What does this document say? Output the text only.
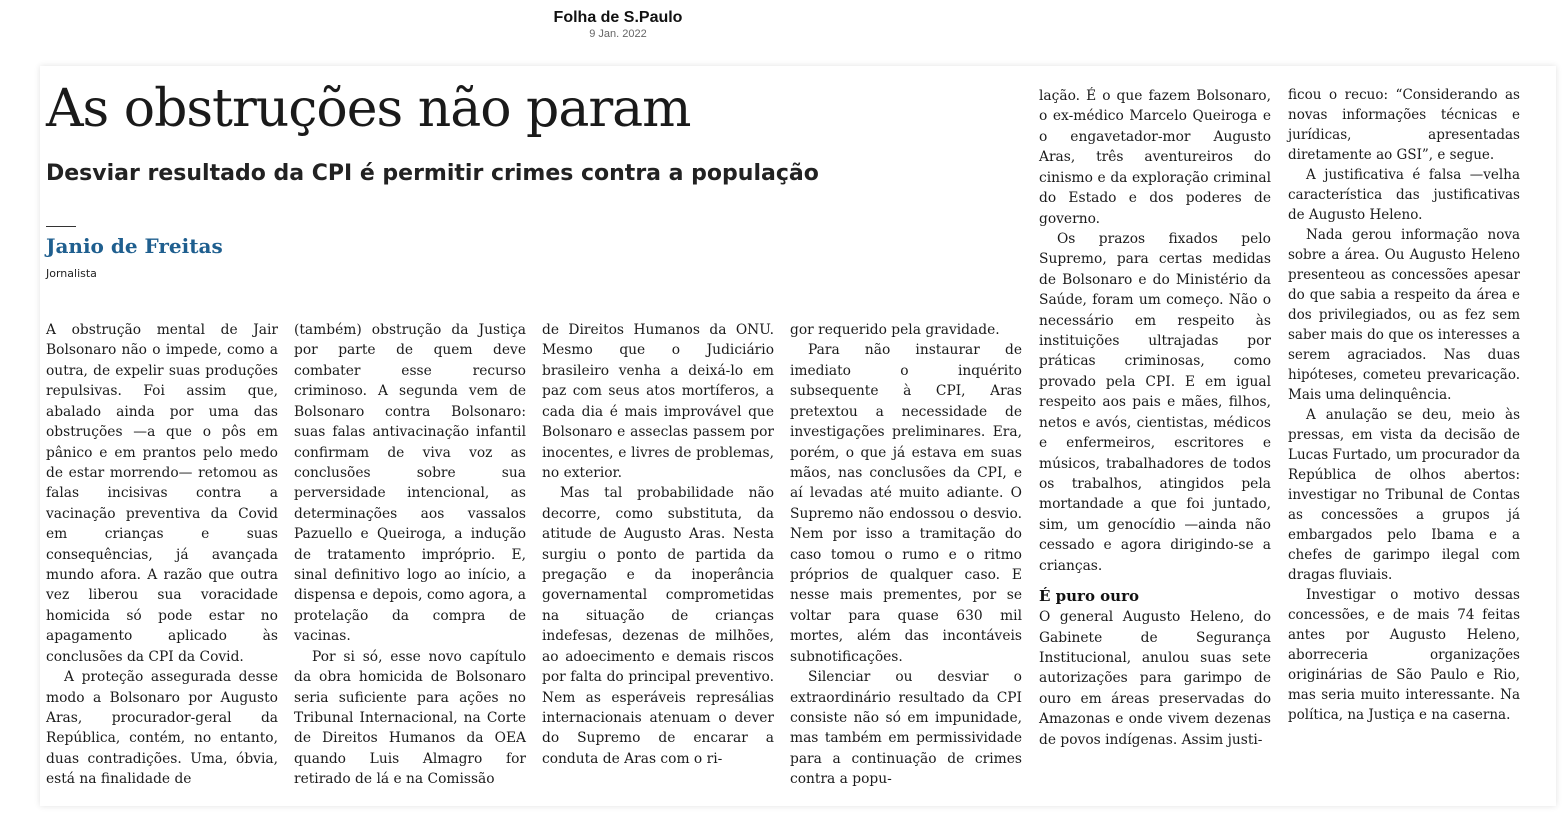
Folha de S.Paulo
9 Jan. 2022
As obstruções não param
Desviar resultado da CPI é permitir crimes contra a população
Janio de Freitas
Jornalista

A obstrução mental de Jair Bolsonaro não o impede, como a outra, de expelir suas produções repulsivas. Foi assim que, abalado ainda por uma das obstruções —a que o pôs em pânico e em prantos pelo medo de estar morrendo— retomou as falas incisivas contra a vacinação preventiva da Covid em crianças e suas consequências, já avançada mundo afora. A razão que outra vez liberou sua voracidade homicida só pode estar no apagamento aplicado às conclusões da CPI da Covid.

A proteção assegurada desse modo a Bolsonaro por Augusto Aras, procurador-geral da República, contém, no entanto, duas contradições. Uma, óbvia, está na finalidade de

(também) obstrução da Justiça por parte de quem deve combater esse recurso criminoso. A segunda vem de Bolsonaro contra Bolsonaro: suas falas antivacinação infantil confirmam de viva voz as conclusões sobre sua perversidade intencional, as determinações aos vassalos Pazuello e Queiroga, a indução de tratamento impróprio. E, sinal definitivo logo ao início, a dispensa e depois, como agora, a protelação da compra de vacinas.

Por si só, esse novo capítulo da obra homicida de Bolsonaro seria suficiente para ações no Tribunal Internacional, na Corte de Direitos Humanos da OEA quando Luis Almagro for retirado de lá e na Comissão

de Direitos Humanos da ONU. Mesmo que o Judiciário brasileiro venha a deixá-lo em paz com seus atos mortíferos, a cada dia é mais improvável que Bolsonaro e asseclas passem por inocentes, e livres de problemas, no exterior.

Mas tal probabilidade não decorre, como substituta, da atitude de Augusto Aras. Nesta surgiu o ponto de partida da pregação e da inoperância governamental comprometidas na situação de crianças indefesas, dezenas de milhões, ao adoecimento e demais riscos por falta do principal preventivo. Nem as esperáveis represálias internacionais atenuam o dever do Supremo de encarar a conduta de Aras com o ri-

gor requerido pela gravidade.

Para não instaurar de imediato o inquérito subsequente à CPI, Aras pretextou a necessidade de investigações preliminares. Era, porém, o que já estava em suas mãos, nas conclusões da CPI, e aí levadas até muito adiante. O Supremo não endossou o desvio. Nem por isso a tramitação do caso tomou o rumo e o ritmo próprios de qualquer caso. E nesse mais prementes, por se voltar para quase 630 mil mortes, além das incontáveis subnotificações.

Silenciar ou desviar o extraordinário resultado da CPI consiste não só em impunidade, mas também em permissividade para a continuação de crimes contra a popu-

lação. É o que fazem Bolsonaro, o ex-médico Marcelo Queiroga e o engavetador-mor Augusto Aras, três aventureiros do cinismo e da exploração criminal do Estado e dos poderes de governo.

Os prazos fixados pelo Supremo, para certas medidas de Bolsonaro e do Ministério da Saúde, foram um começo. Não o necessário em respeito às instituições ultrajadas por práticas criminosas, como provado pela CPI. E em igual respeito aos pais e mães, filhos, netos e avós, cientistas, médicos e enfermeiros, escritores e músicos, trabalhadores de todos os trabalhos, atingidos pela mortandade a que foi juntado, sim, um genocídio —ainda não cessado e agora dirigindo-se a crianças.

É puro ouro

O general Augusto Heleno, do Gabinete de Segurança Institucional, anulou suas sete autorizações para garimpo de ouro em áreas preservadas do Amazonas e onde vivem dezenas de povos indígenas. Assim justi-

ficou o recuo: “Considerando as novas informações técnicas e jurídicas, apresentadas diretamente ao GSI”, e segue.

A justificativa é falsa —velha característica das justificativas de Augusto Heleno.

Nada gerou informação nova sobre a área. Ou Augusto Heleno presenteou as concessões apesar do que sabia a respeito da área e dos privilegiados, ou as fez sem saber mais do que os interesses a serem agraciados. Nas duas hipóteses, cometeu prevaricação. Mais uma delinquência.

A anulação se deu, meio às pressas, em vista da decisão de Lucas Furtado, um procurador da República de olhos abertos: investigar no Tribunal de Contas as concessões a grupos já embargados pelo Ibama e a chefes de garimpo ilegal com dragas fluviais.

Investigar o motivo dessas concessões, e de mais 74 feitas antes por Augusto Heleno, aborreceria organizações originárias de São Paulo e Rio, mas seria muito interessante. Na política, na Justiça e na caserna.
